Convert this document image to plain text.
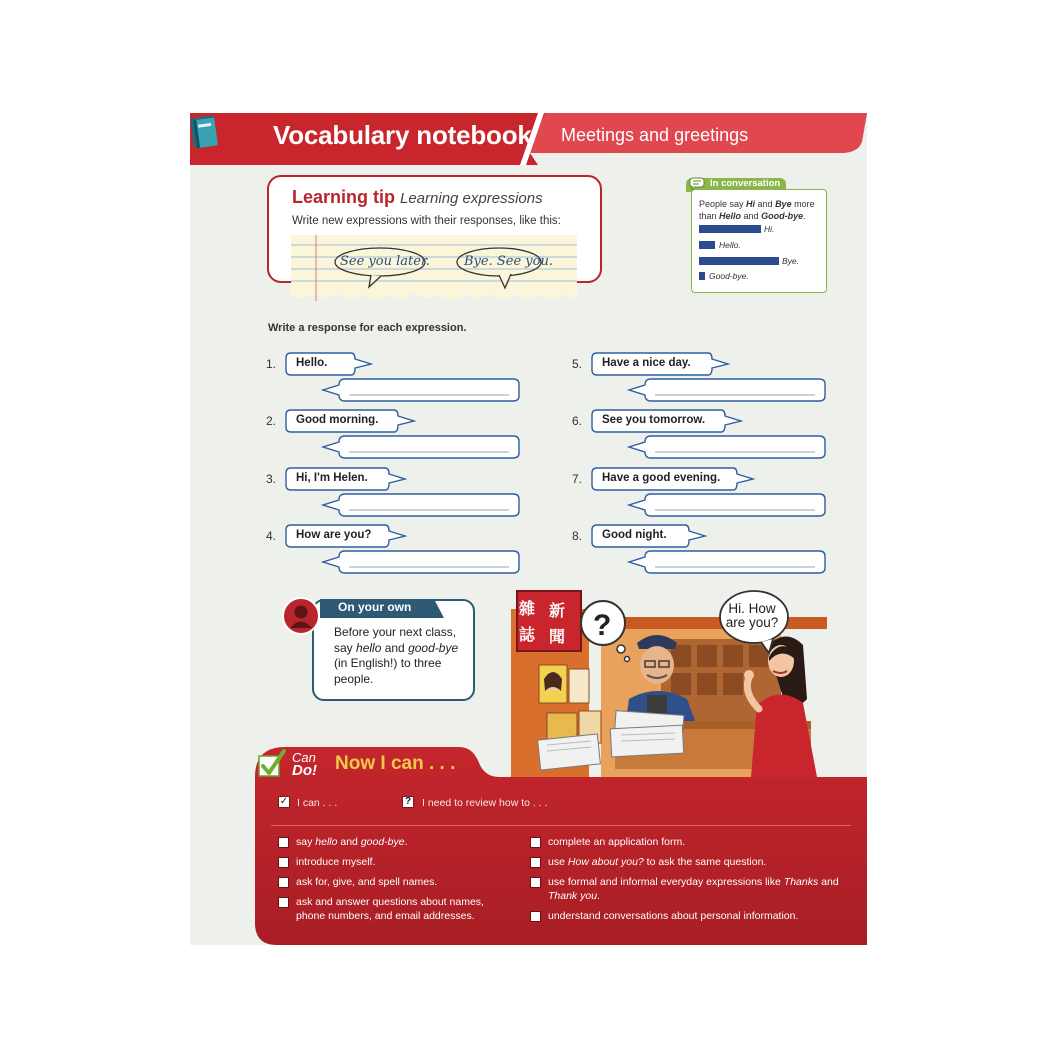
Vocabulary notebook Meetings and greetings
Learning tip Learning expressions
Write new expressions with their responses, like this:
See you later.	Bye. See you.
In conversation
People say Hi and Bye more than Hello and Good-bye.
Hi.
Hello.
Bye.
Good-bye.
Write a response for each expression.
1. Hello.
2. Good morning.
3. Hi, I'm Helen.
4. How are you?
5. Have a nice day.
6. See you tomorrow.
7. Have a good evening.
8. Good night.
On your own
Before your next class, say hello and good-bye (in English!) to three people.
?
雜 新
誌 聞
Hi. How are you?
Can
Do! Now I can . . .
✓ I can . . .	? I need to review how to . . .
say hello and good-bye.
introduce myself.
ask for, give, and spell names.
ask and answer questions about names, phone numbers, and email addresses.
complete an application form.
use How about you? to ask the same question.
use formal and informal everyday expressions like Thanks and Thank you.
understand conversations about personal information.
